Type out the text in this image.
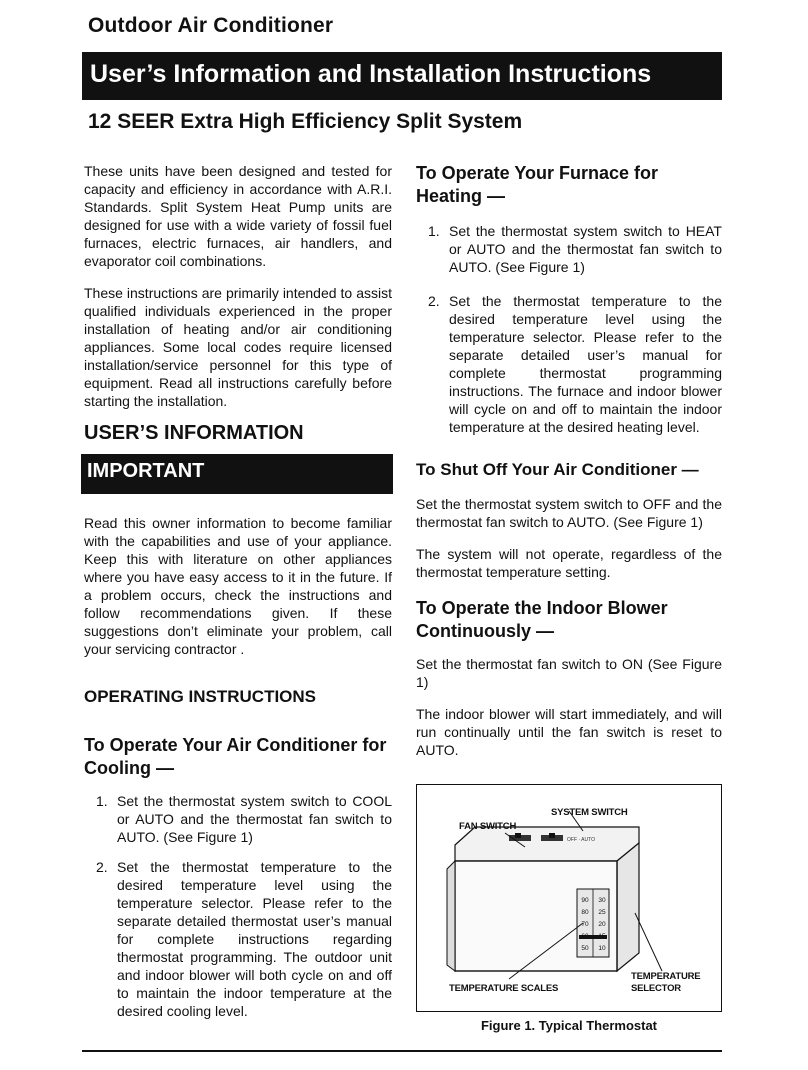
Outdoor Air Conditioner
User’s Information and Installation Instructions
12 SEER Extra High Efficiency Split System

These units have been designed and tested for capacity and efficiency in accordance with A.R.I. Standards. Split System Heat Pump units are designed for use with a wide variety of fossil fuel furnaces, electric furnaces, air handlers, and evaporator coil combinations.

These instructions are primarily intended to assist qualified individuals experienced in the proper installation of heating and/or air conditioning appliances. Some local codes require licensed installation/service personnel for this type of equipment. Read all instructions carefully before starting the installation.

USER’S INFORMATION
IMPORTANT

Read this owner information to become familiar with the capabilities and use of your appliance. Keep this with literature on other appliances where you have easy access to it in the future. If a problem occurs, check the instructions and follow recommendations given. If these suggestions don’t eliminate your problem, call your servicing contractor .

OPERATING INSTRUCTIONS
To Operate Your Air Conditioner for Cooling —
1. Set the thermostat system switch to COOL or AUTO and the thermostat fan switch to AUTO. (See Figure 1)
2. Set the thermostat temperature to the desired temperature level using the temperature selector. Please refer to the separate detailed thermostat user’s manual for complete instructions regarding thermostat programming. The outdoor unit and indoor blower will both cycle on and off to maintain the indoor temperature at the desired cooling level.
To Operate Your Furnace for Heating —
1. Set the thermostat system switch to HEAT or AUTO and the thermostat fan switch to AUTO. (See Figure 1)
2. Set the thermostat temperature to the desired temperature level using the temperature selector. Please refer to the separate detailed user’s manual for complete thermostat programming instructions. The furnace and indoor blower will cycle on and off to maintain the indoor temperature at the desired heating level.
To Shut Off Your Air Conditioner —

Set the thermostat system switch to OFF and the thermostat fan switch to AUTO. (See Figure 1)

The system will not operate, regardless of the thermostat temperature setting.

To Operate the Indoor Blower Continuously —

Set the thermostat fan switch to ON (See Figure 1)

The indoor blower will start immediately, and will run continually until the fan switch is reset to AUTO.

OFF · AUTO
90
80
70
60
50
30
25
20
15
10
SYSTEM SWITCH
FAN SWITCH
TEMPERATURE SCALES
TEMPERATURE
SELECTOR
Figure 1. Typical Thermostat
